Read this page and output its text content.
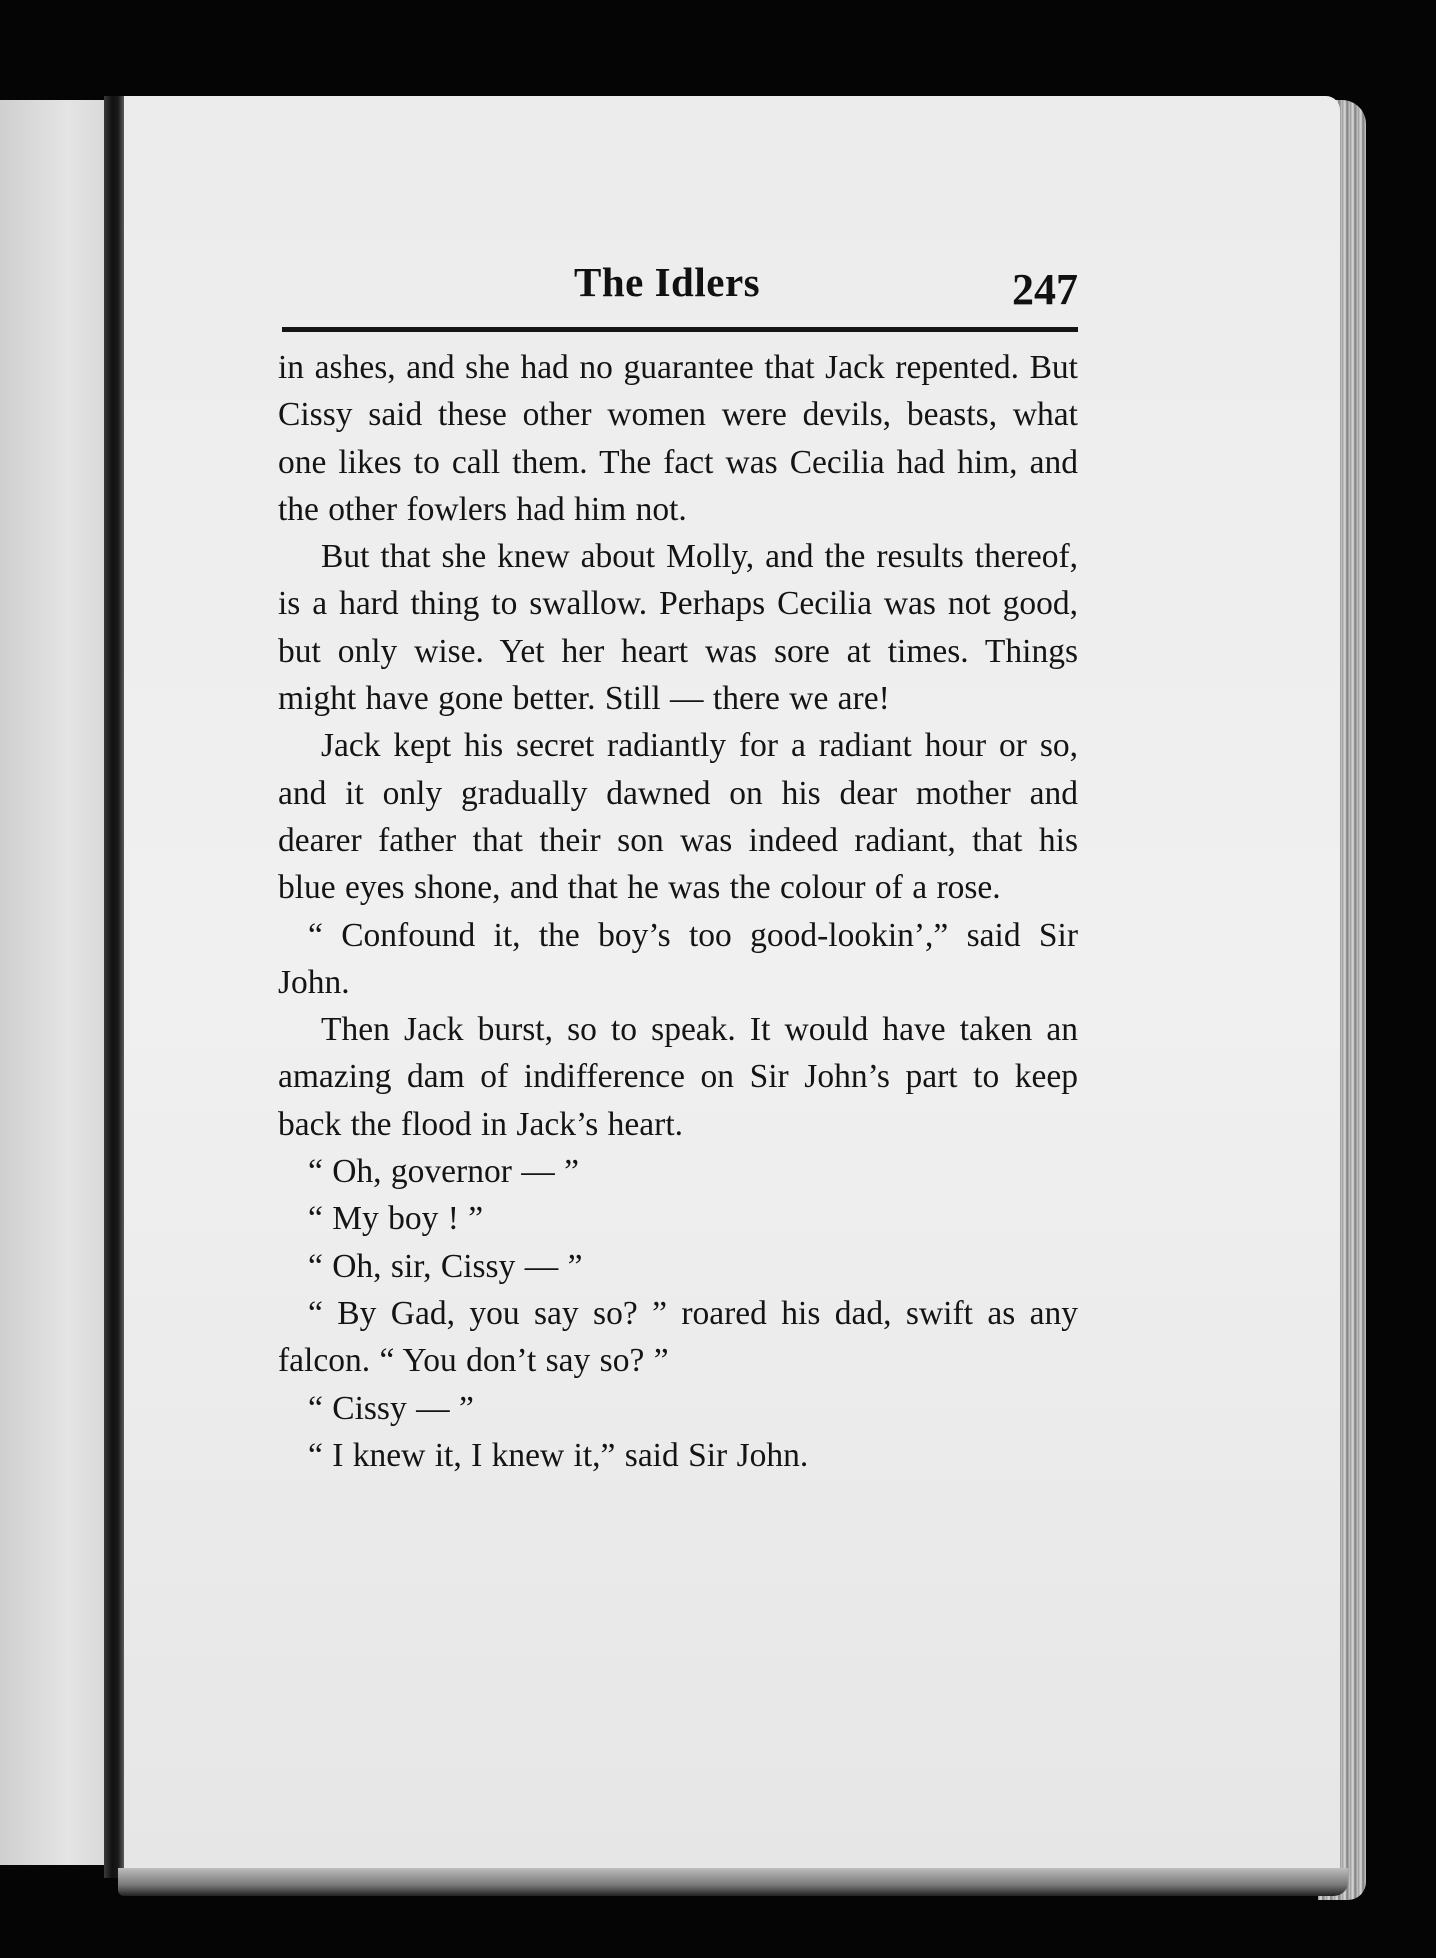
The Idlers	247

in ashes, and she had no guarantee that Jack repented. But Cissy said these other women were devils, beasts, what one likes to call them. The fact was Cecilia had him, and the other fowlers had him not.

But that she knew about Molly, and the results thereof, is a hard thing to swallow. Perhaps Cecilia was not good, but only wise. Yet her heart was sore at times. Things might have gone better. Still — there we are!

Jack kept his secret radiantly for a radiant hour or so, and it only gradually dawned on his dear mother and dearer father that their son was indeed radiant, that his blue eyes shone, and that he was the colour of a rose.

“ Confound it, the boy’s too good-lookin’,” said Sir John.

Then Jack burst, so to speak. It would have taken an amazing dam of indifference on Sir John’s part to keep back the flood in Jack’s heart.

“ Oh, governor — ”

“ My boy ! ”

“ Oh, sir, Cissy — ”

“ By Gad, you say so? ” roared his dad, swift as any falcon. “ You don’t say so? ”

“ Cissy — ”

“ I knew it, I knew it,” said Sir John.
